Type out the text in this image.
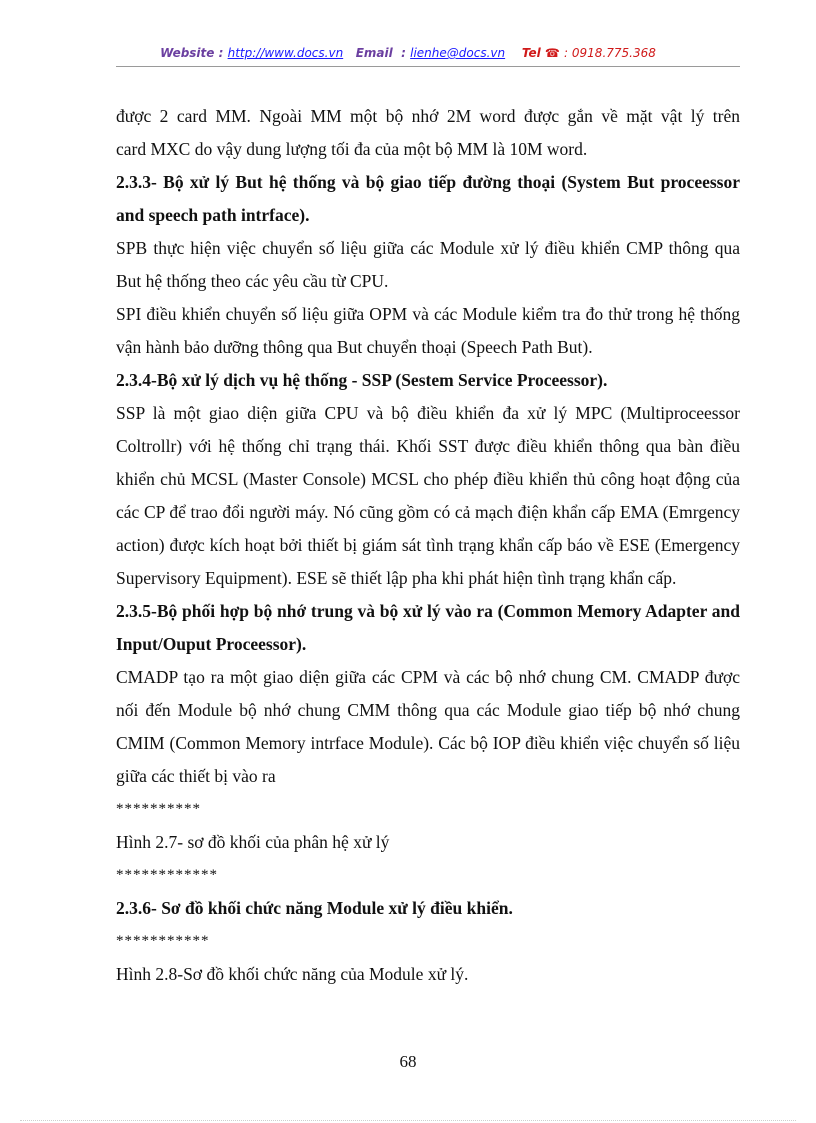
Website : http://www.docs.vn Email : lienhe@docs.vn Tel ☎ : 0918.775.368

được 2 card MM. Ngoài MM một bộ nhớ 2M word được gắn về mặt vật lý trên

card MXC do vậy dung lượng tối đa của một bộ MM là 10M word.

2.3.3- Bộ xử lý But hệ thống và bộ giao tiếp đường thoại (System But proceessor and speech path intrface).

SPB thực hiện việc chuyển số liệu giữa các Module xử lý điều khiển CMP thông qua But hệ thống theo các yêu cầu từ CPU.

SPI điều khiển chuyển số liệu giữa OPM và các Module kiểm tra đo thử trong hệ thống vận hành bảo dưỡng thông qua But chuyển thoại (Speech Path But).

2.3.4-Bộ xử lý dịch vụ hệ thống - SSP (Sestem Service Proceessor).

SSP là một giao diện giữa CPU và bộ điều khiển đa xử lý MPC (Multiproceessor Coltrollr) với hệ thống chỉ trạng thái. Khối SST được điều khiển thông qua bàn điều khiển chủ MCSL (Master Console) MCSL cho phép điều khiển thủ công hoạt động của các CP để trao đổi người máy. Nó cũng gồm có cả mạch điện khẩn cấp EMA (Emrgency action) được kích hoạt bởi thiết bị giám sát tình trạng khẩn cấp báo về ESE (Emergency Supervisory Equipment). ESE sẽ thiết lập pha khi phát hiện tình trạng khẩn cấp.

2.3.5-Bộ phối hợp bộ nhớ trung và bộ xử lý vào ra (Common Memory Adapter and Input/Ouput Proceessor).

CMADP tạo ra một giao diện giữa các CPM và các bộ nhớ chung CM. CMADP được nối đến Module bộ nhớ chung CMM thông qua các Module giao tiếp bộ nhớ chung CMIM (Common Memory intrface Module). Các bộ IOP điều khiển việc chuyển số liệu giữa các thiết bị vào ra

**********

Hình 2.7- sơ đồ khối của phân hệ xử lý

************

2.3.6- Sơ đồ khối chức năng Module xử lý điều khiển.

***********

Hình 2.8-Sơ đồ khối chức năng của Module xử lý.

68
